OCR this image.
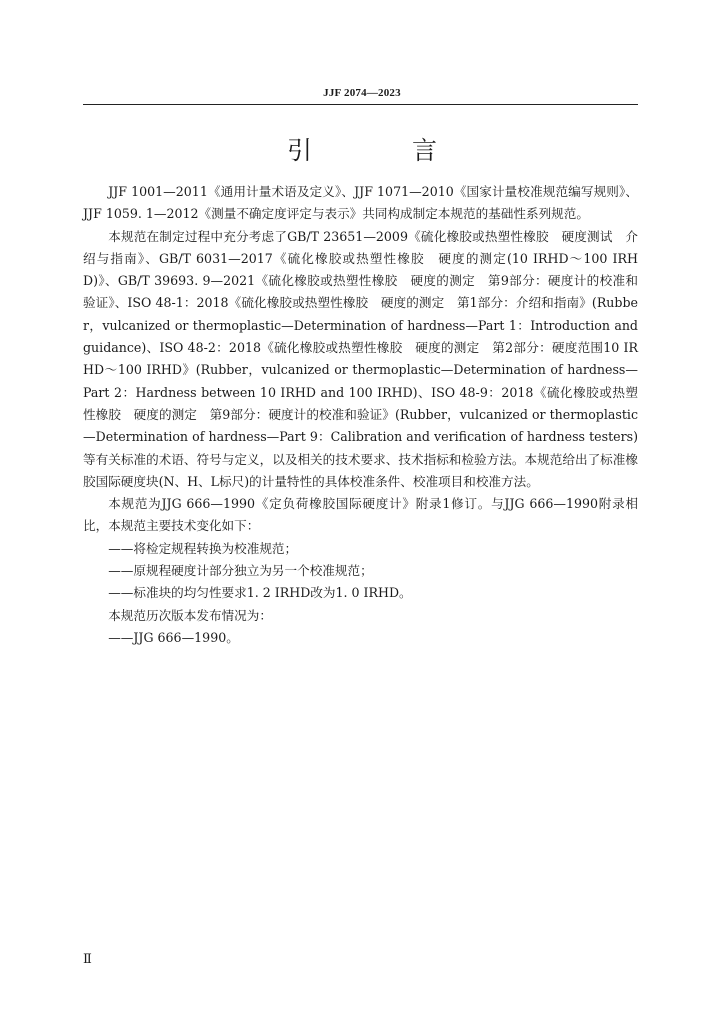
JJF 2074—2023
引 言

JJF 1001—2011《通用计量术语及定义》、JJF 1071—2010《国家计量校准规范编写规则》、JJF 1059. 1—2012《测量不确定度评定与表示》共同构成制定本规范的基础性系列规范。

本规范在制定过程中充分考虑了GB/T 23651—2009《硫化橡胶或热塑性橡胶　硬度测试　介绍与指南》、GB/T 6031—2017《硫化橡胶或热塑性橡胶　硬度的测定(10 IRHD～100 IRHD)》、GB/T 39693. 9—2021《硫化橡胶或热塑性橡胶　硬度的测定　第9部分：硬度计的校准和验证》、ISO 48-1：2018《硫化橡胶或热塑性橡胶　硬度的测定　第1部分：介绍和指南》(Rubber，vulcanized or thermoplastic—Determination of hardness—Part 1：Introduction and guidance)、ISO 48-2：2018《硫化橡胶或热塑性橡胶　硬度的测定　第2部分：硬度范围10 IRHD～100 IRHD》(Rubber，vulcanized or thermoplastic—Determination of hardness—Part 2：Hardness between 10 IRHD and 100 IRHD)、ISO 48-9：2018《硫化橡胶或热塑性橡胶　硬度的测定　第9部分：硬度计的校准和验证》(Rubber，vulcanized or thermoplastic—Determination of hardness—Part 9：Calibration and verification of hardness testers)等有关标准的术语、符号与定义，以及相关的技术要求、技术指标和检验方法。本规范给出了标准橡胶国际硬度块(N、H、L标尺)的计量特性的具体校准条件、校准项目和校准方法。

本规范为JJG 666—1990《定负荷橡胶国际硬度计》附录1修订。与JJG 666—1990附录相比，本规范主要技术变化如下：

——将检定规程转换为校准规范；

——原规程硬度计部分独立为另一个校准规范；

——标准块的均匀性要求1. 2 IRHD改为1. 0 IRHD。

本规范历次版本发布情况为：

——JJG 666—1990。

Ⅱ
